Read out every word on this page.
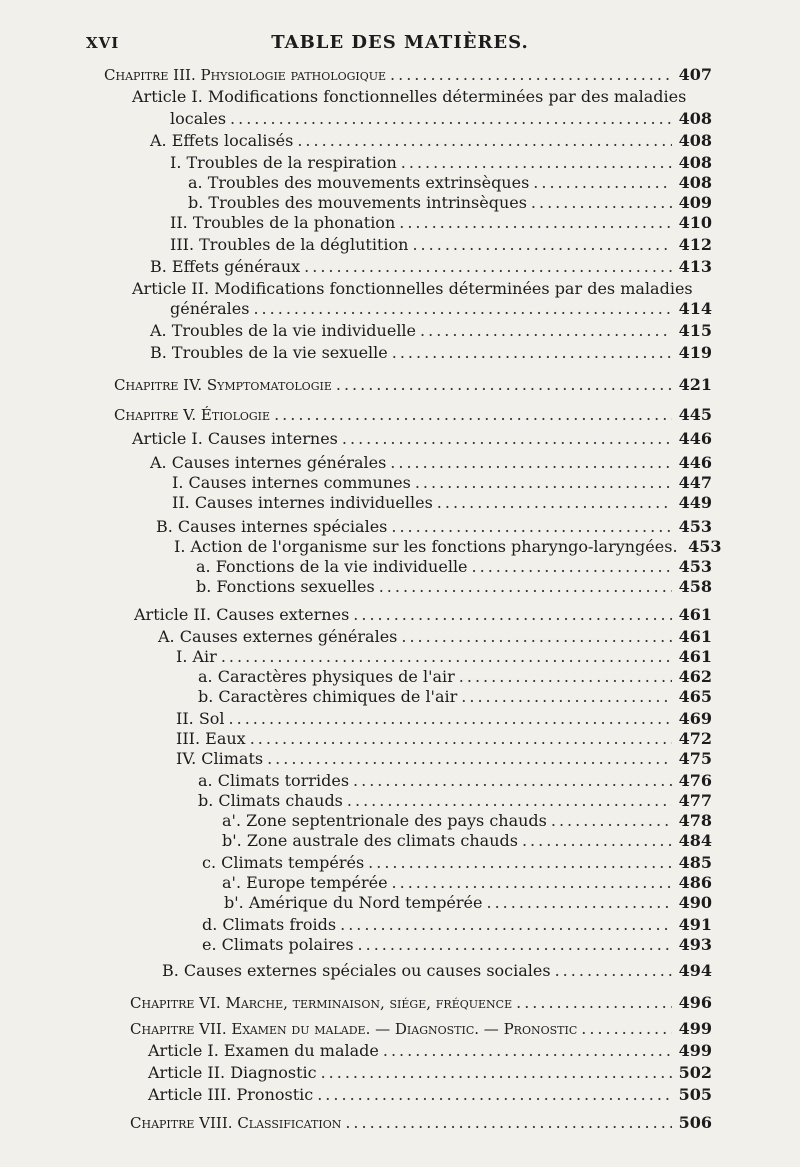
XVI	TABLE DES MATIÈRES.
Chapitre III. Physiologie pathologique .....	407
Article I. Modifications fonctionnelles déterminées par des maladies
locales .....	408
A. Effets localisés .....	408
I. Troubles de la respiration .....	408
a. Troubles des mouvements extrinsèques .....	408
b. Troubles des mouvements intrinsèques .....	409
II. Troubles de la phonation .....	410
III. Troubles de la déglutition .....	412
B. Effets généraux .....	413
Article II. Modifications fonctionnelles déterminées par des maladies
générales .....	414
A. Troubles de la vie individuelle .....	415
B. Troubles de la vie sexuelle .....	419
Chapitre IV. Symptomatologie .....	421
Chapitre V. Étiologie .....	445
Article I. Causes internes .....	446
A. Causes internes générales .....	446
I. Causes internes communes .....	447
II. Causes internes individuelles .....	449
B. Causes internes spéciales .....	453
I. Action de l'organisme sur les fonctions pharyngo-laryngées. 453
a. Fonctions de la vie individuelle .....	453
b. Fonctions sexuelles .....	458
Article II. Causes externes .....	461
A. Causes externes générales .....	461
I. Air .....	461
a. Caractères physiques de l'air .....	462
b. Caractères chimiques de l'air .....	465
II. Sol .....	469
III. Eaux .....	472
IV. Climats .....	475
a. Climats torrides .....	476
b. Climats chauds .....	477
a'. Zone septentrionale des pays chauds .....	478
b'. Zone australe des climats chauds .....	484
c. Climats tempérés .....	485
a'. Europe tempérée .....	486
b'. Amérique du Nord tempérée .....	490
d. Climats froids .....	491
e. Climats polaires .....	493
B. Causes externes spéciales ou causes sociales .....	494
Chapitre VI. Marche, terminaison, siége, fréquence .....	496
Chapitre VII. Examen du malade. — Diagnostic. — Pronostic .....	499
Article I. Examen du malade .....	499
Article II. Diagnostic .....	502
Article III. Pronostic .....	505
Chapitre VIII. Classification .....	506
